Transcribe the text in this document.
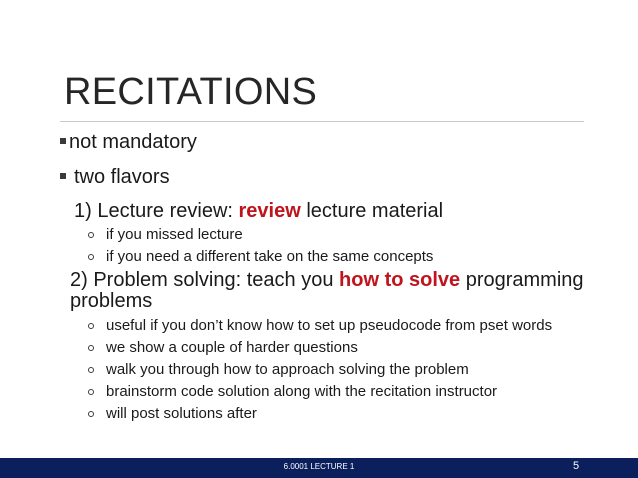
RECITATIONS
not mandatory
two flavors
1) Lecture review: review lecture material
if you missed lecture
if you need a different take on the same concepts
2) Problem solving: teach you how to solve programming
problems
useful if you don’t know how to set up pseudocode from pset words
we show a couple of harder questions
walk you through how to approach solving the problem
brainstorm code solution along with the recitation instructor
will post solutions after
6.0001 LECTURE 1	5
